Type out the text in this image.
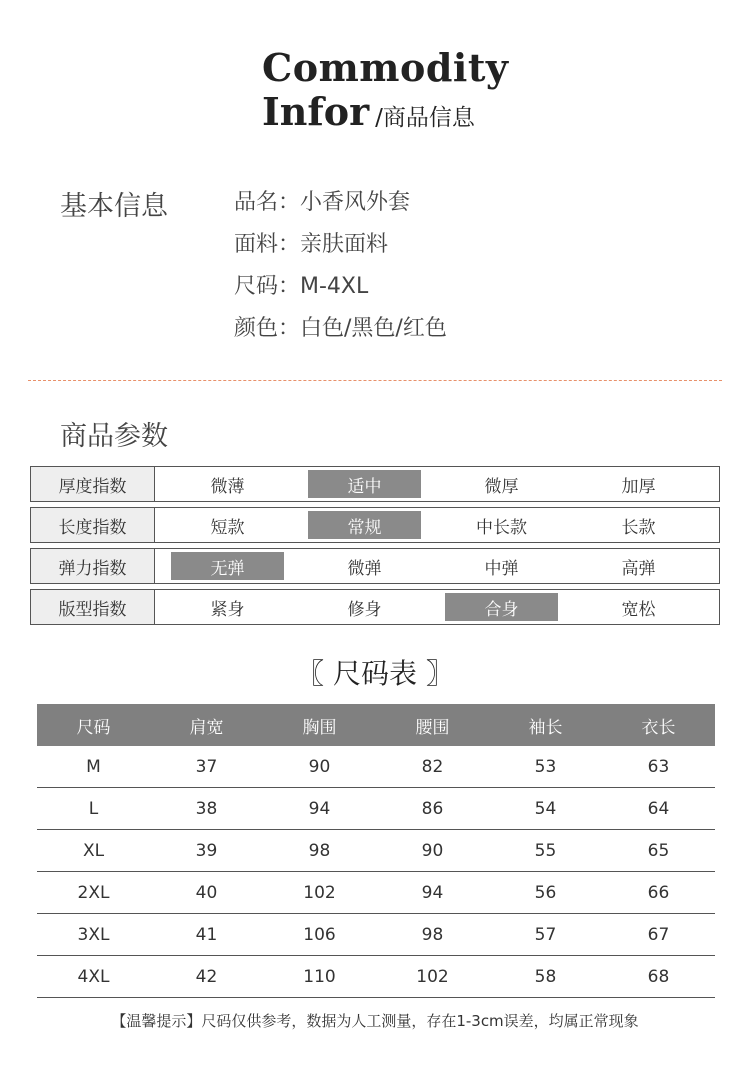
Commodity
Infor /商品信息
基本信息	品名：小香风外套
面料：亲肤面料
尺码：M-4XL
颜色：白色/黑色/红色
商品参数
厚度指数	微薄	适中	微厚	加厚
长度指数	短款	常规	中长款	长款
弹力指数	无弹	微弹	中弹	高弹
版型指数	紧身	修身	合身	宽松
〖 尺码表 〗
尺码	肩宽	胸围	腰围	袖长	衣长
M	37	90	82	53	63
L	38	94	86	54	64
XL	39	98	90	55	65
2XL	40	102	94	56	66
3XL	41	106	98	57	67
4XL	42	110	102	58	68
【温馨提示】尺码仅供参考，数据为人工测量，存在1-3cm误差，均属正常现象
